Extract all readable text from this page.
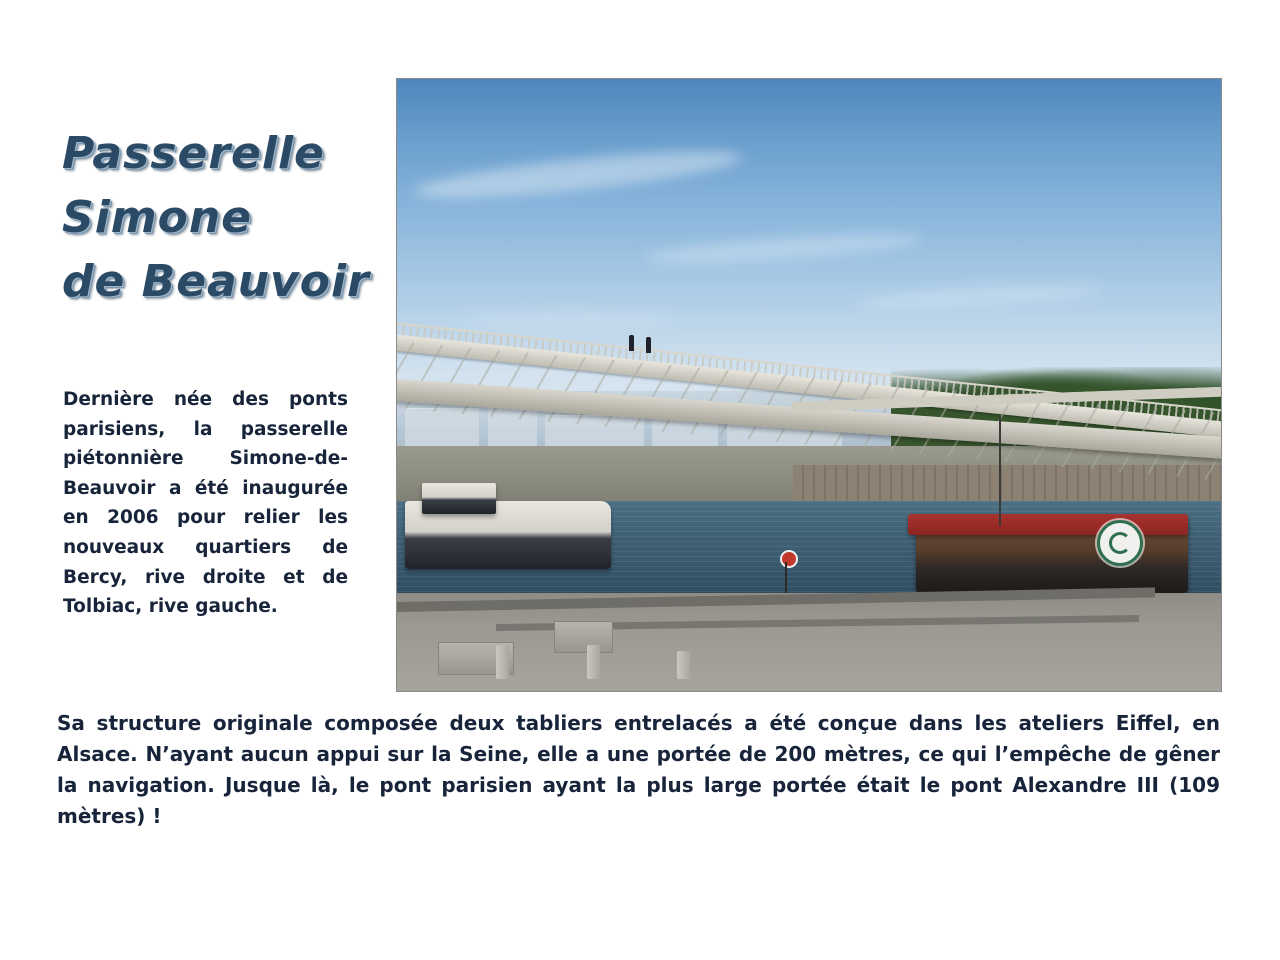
Passerelle
Simone
de Beauvoir
Dernière née des ponts parisiens, la passerelle piétonnière Simone-de-Beauvoir a été inaugurée en 2006 pour relier les nouveaux quartiers de Bercy, rive droite et de Tolbiac, rive gauche.
Sa structure originale composée deux tabliers entrelacés a été conçue dans les ateliers Eiffel, en Alsace. N’ayant aucun appui sur la Seine, elle a une portée de 200 mètres, ce qui l’empêche de gêner la navigation. Jusque là, le pont parisien ayant la plus large portée était le pont Alexandre III (109 mètres) !
